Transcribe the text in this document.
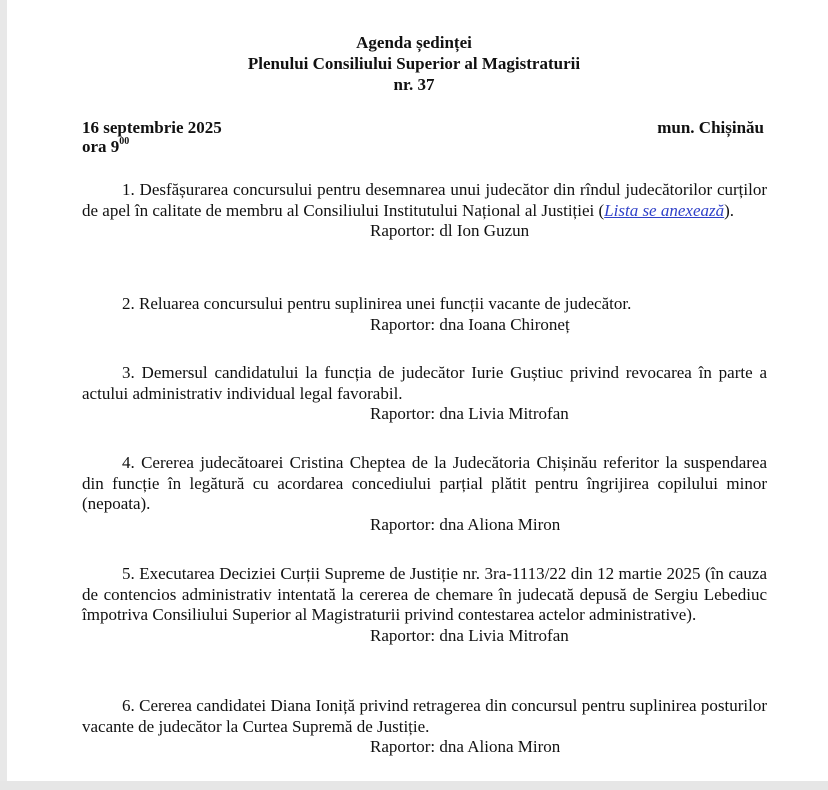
Agenda ședinței
Plenului Consiliului Superior al Magistraturii
nr. 37
16 septembrie 2025
ora $9^{00}$
mun. Chișinău
1. Desfășurarea concursului pentru desemnarea unui judecător din rîndul judecătorilor curților de apel în calitate de membru al Consiliului Institutului Național al Justiției (Lista se anexează).
Raportor: dl Ion Guzun
2. Reluarea concursului pentru suplinirea unei funcții vacante de judecător.
Raportor: dna Ioana Chironeț
3. Demersul candidatului la funcția de judecător Iurie Guștiuc privind revocarea în parte a actului administrativ individual legal favorabil.
Raportor: dna Livia Mitrofan
4. Cererea judecătoarei Cristina Cheptea de la Judecătoria Chișinău referitor la suspendarea din funcție în legătură cu acordarea concediului parțial plătit pentru îngrijirea copilului minor (nepoata).
Raportor: dna Aliona Miron
5. Executarea Deciziei Curții Supreme de Justiție nr. 3ra-1113/22 din 12 martie 2025 (în cauza de contencios administrativ intentată la cererea de chemare în judecată depusă de Sergiu Lebediuc împotriva Consiliului Superior al Magistraturii privind contestarea actelor administrative).
Raportor: dna Livia Mitrofan
6. Cererea candidatei Diana Ioniță privind retragerea din concursul pentru suplinirea posturilor vacante de judecător la Curtea Supremă de Justiție.
Raportor: dna Aliona Miron
